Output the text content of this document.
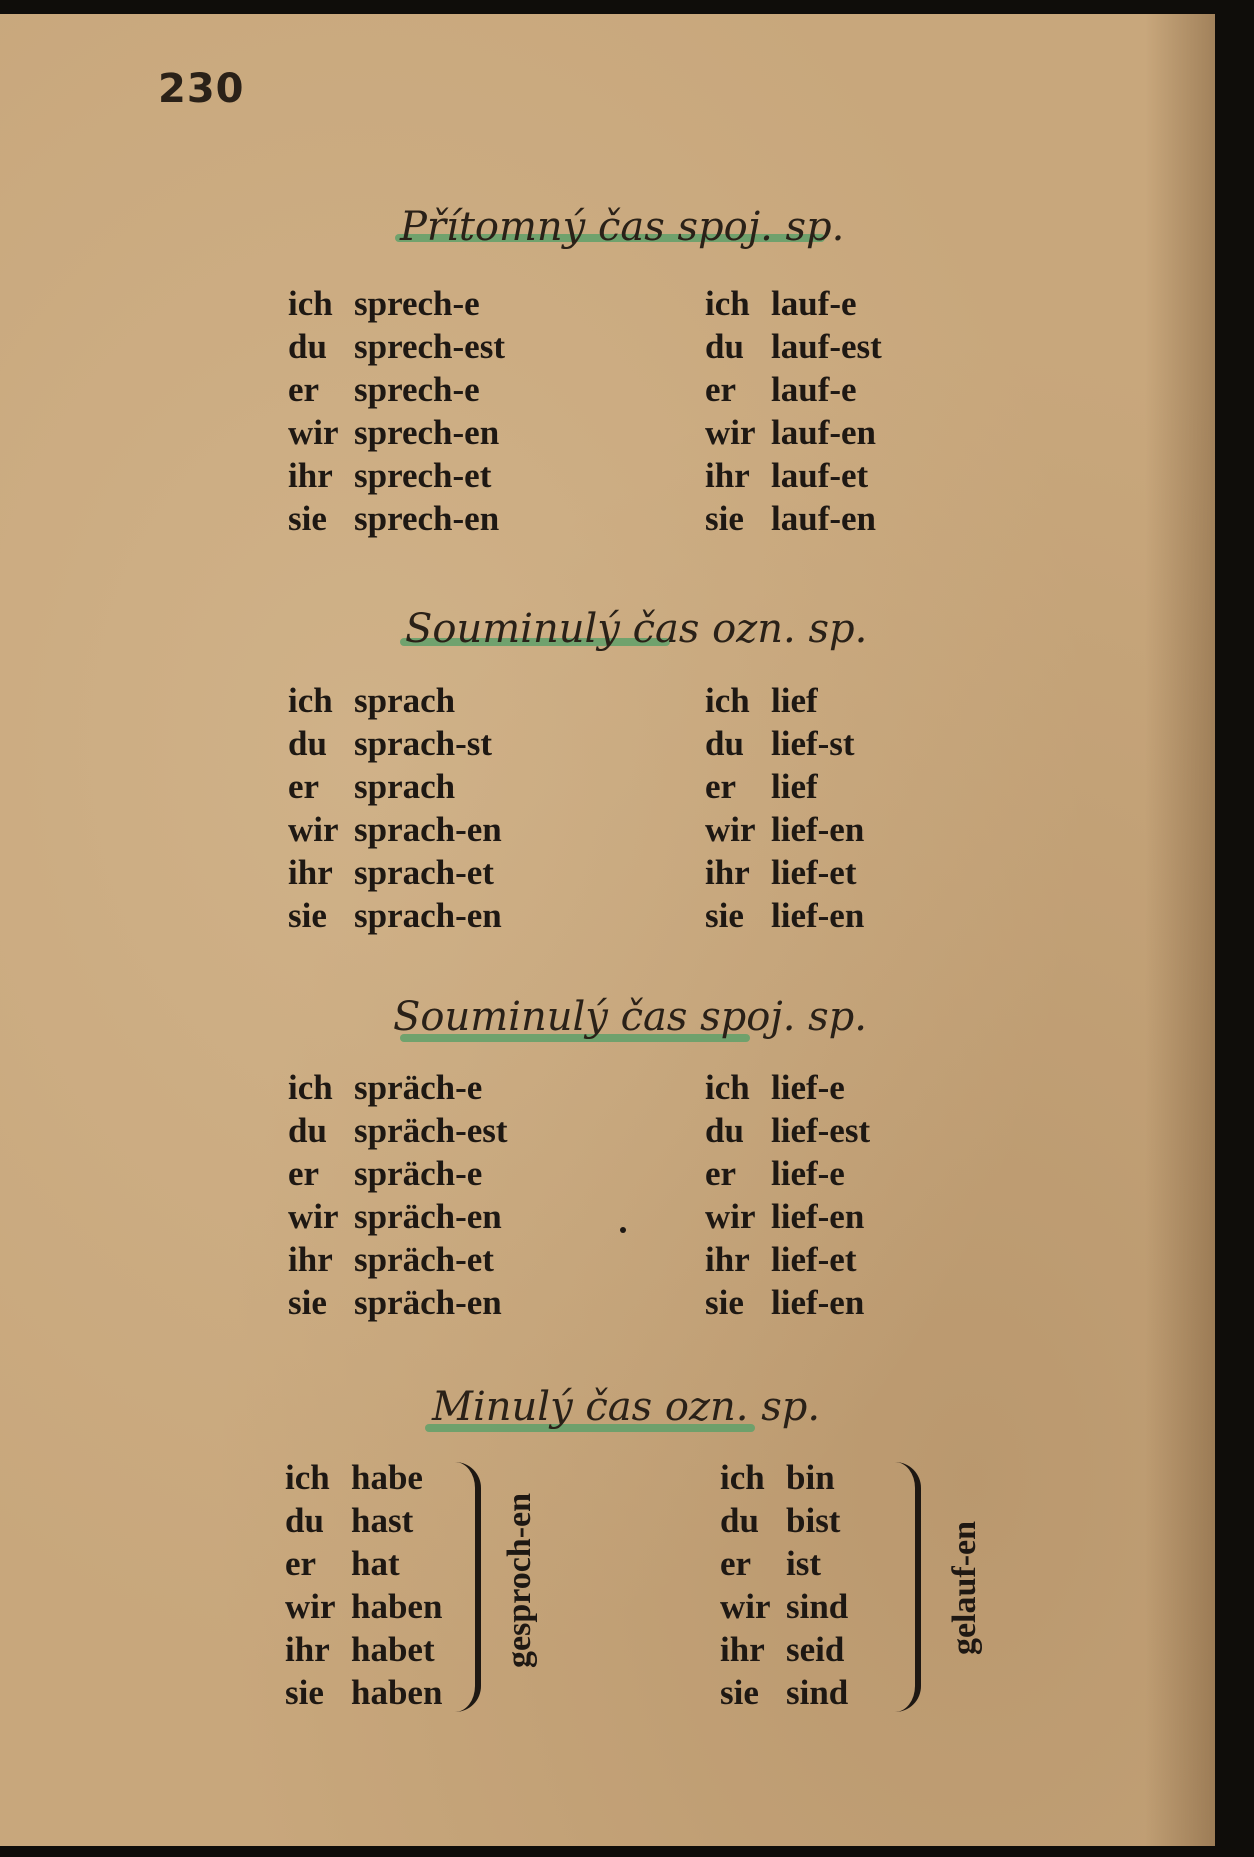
230
Přítomný čas spoj. sp.
ich sprech-e
du sprech-est
er sprech-e
wir sprech-en
ihr sprech-et
sie sprech-en
ich lauf-e
du lauf-est
er lauf-e
wir lauf-en
ihr lauf-et
sie lauf-en
Souminulý čas ozn. sp.
ich sprach
du sprach-st
er sprach
wir sprach-en
ihr sprach-et
sie sprach-en
ich lief
du lief-st
er lief
wir lief-en
ihr lief-et
sie lief-en
Souminulý čas spoj. sp.
ich spräch-e
du spräch-est
er spräch-e
wir spräch-en
ihr spräch-et
sie spräch-en
ich lief-e
du lief-est
er lief-e
wir lief-en
ihr lief-et
sie lief-en
Minulý čas ozn. sp.
ich habe
du hast
er hat
wir haben
ihr habet
sie haben
ich bin
du bist
er ist
wir sind
ihr seid
sie sind
gesproch-en	gelauf-en
